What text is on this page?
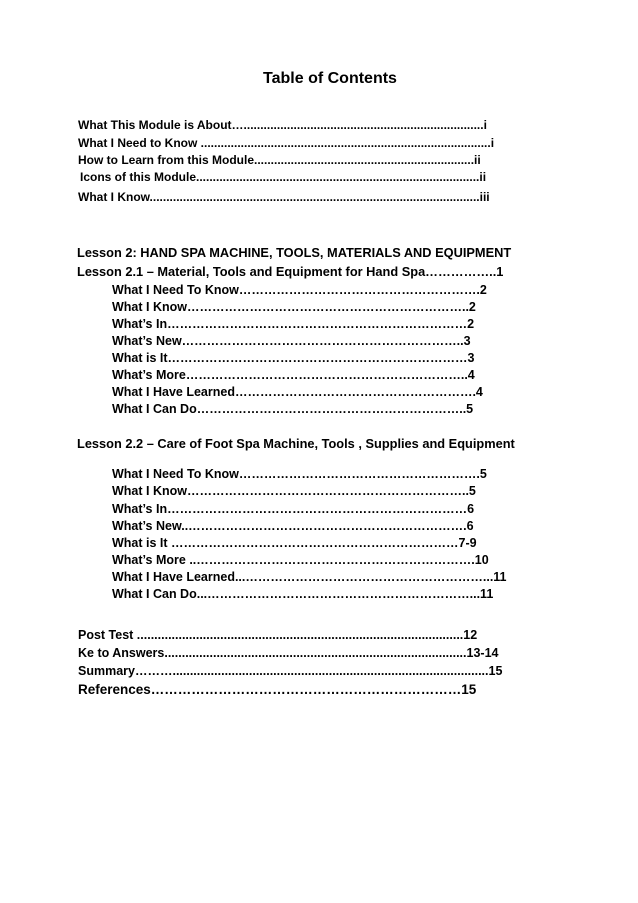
Table of Contents
What This Module is About…........................................................................i
What I Need to Know .......................................................................................i
How to Learn from this Module..................................................................ii
Icons of this Module.....................................................................................ii
What I Know...................................................................................................iii
Lesson 2: HAND SPA MACHINE, TOOLS, MATERIALS AND EQUIPMENT
Lesson 2.1 – Material, Tools and Equipment for Hand Spa……………..1
What I Need To Know………………………………………………….2
What I Know…………………………………………………………..2
What’s In………………………………………………………………2
What’s New…………………………………………………………..3
What is It………………………………………………………………3
What’s More…………………………………………………………..4
What I Have Learned………………………………………………….4
What I Can Do………………………………………………………..5
Lesson 2.2 – Care of Foot Spa Machine, Tools , Supplies and Equipment
What I Need To Know………………………………………………….5
What I Know…………………………………………………………..5
What’s In………………………………………………………………6
What’s New..………………………………………………………….6
What is It ……………………………………………………………7-9
What’s More ..………………………………………………………….10
What I Have Learned...…………………………………………………...11
What I Can Do...………………………………………………………...11
Post Test ..............................................................................................12
Ke to Answers.......................................................................................13-14
Summary………...........................................................................................15
References……………………………………………………………15
